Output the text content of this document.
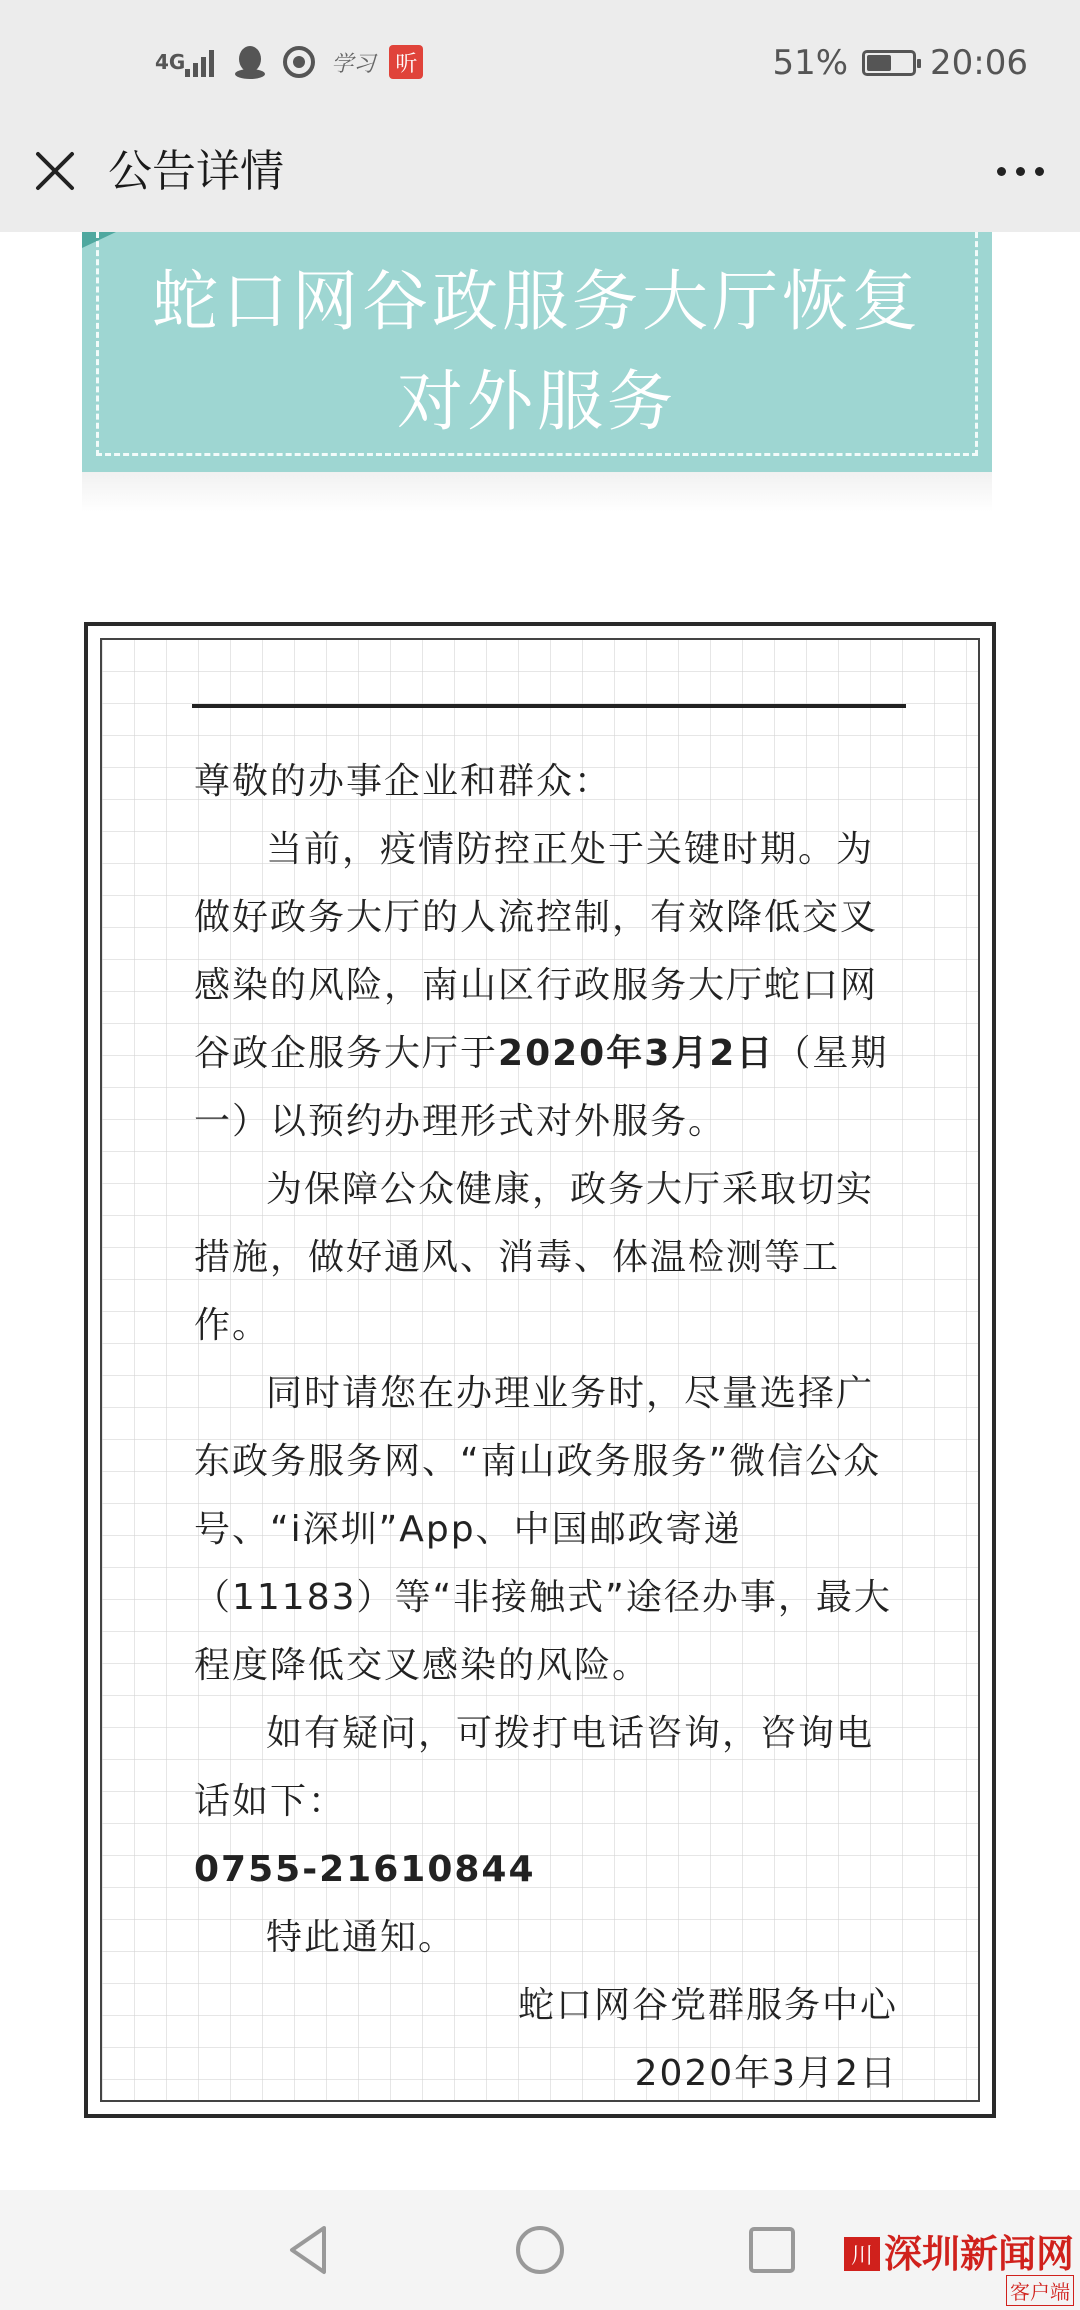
4G	学习 听	51% 20:06
公告详情
蛇口网谷政服务大厅恢复
对外服务

尊敬的办事企业和群众：

当前，疫情防控正处于关键时期。为做好政务大厅的人流控制，有效降低交叉感染的风险，南山区行政服务大厅蛇口网谷政企服务大厅于2020年3月2日（星期一）以预约办理形式对外服务。

为保障公众健康，政务大厅采取切实措施，做好通风、消毒、体温检测等工作。

同时请您在办理业务时，尽量选择广东政务服务网、“南山政务服务”微信公众号、“i深圳”App、中国邮政寄递（11183）等“非接触式”途径办事，最大程度降低交叉感染的风险。

如有疑问，可拨打电话咨询，咨询电话如下：

0755-21610844

特此通知。

蛇口网谷党群服务中心

2020年3月2日

川 深圳新闻网
客户端
